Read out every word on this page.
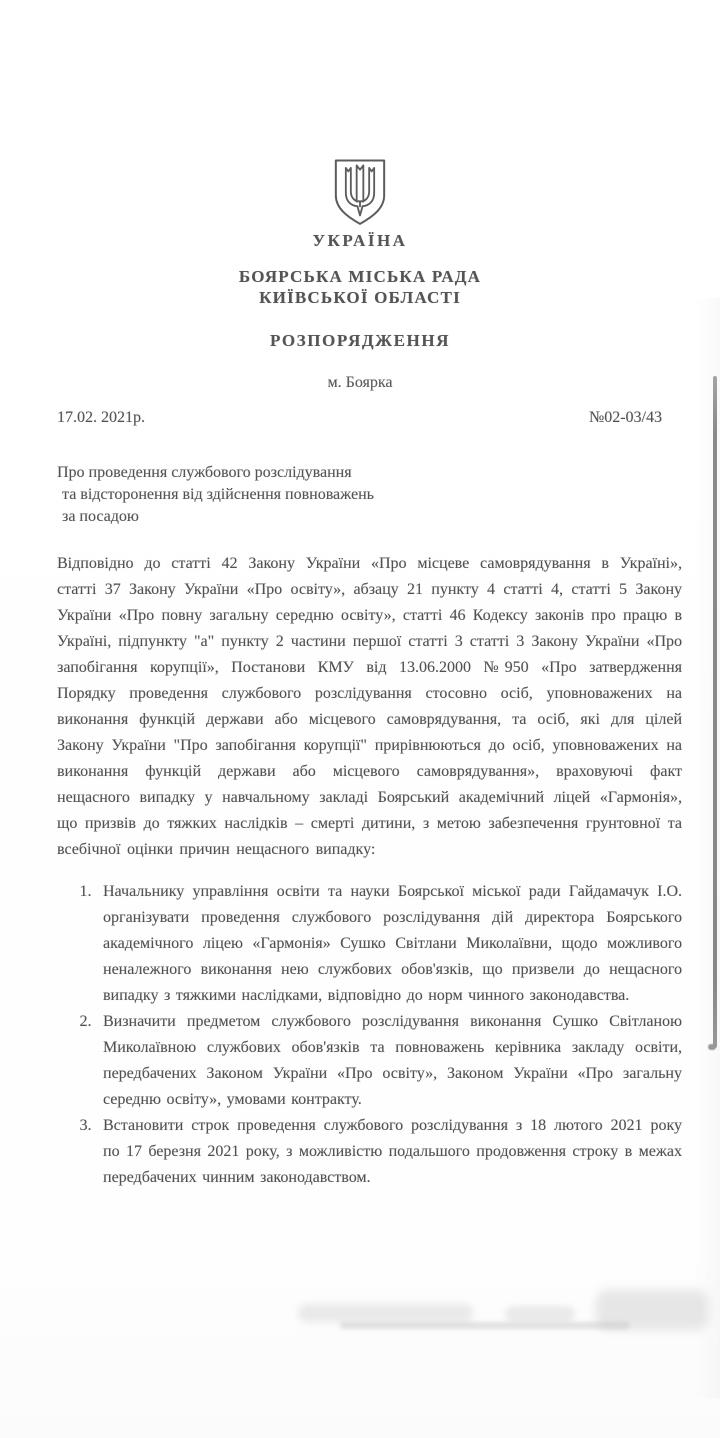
УКРАЇНА
БОЯРСЬКА МІСЬКА РАДА
КИЇВСЬКОЇ ОБЛАСТІ
РОЗПОРЯДЖЕННЯ
м. Боярка
17.02. 2021р.	№02-03/43
Про проведення службового розслідування
та відсторонення від здійснення повноважень
за посадою

Відповідно до статті 42 Закону України «Про місцеве самоврядування в Україні», статті 37 Закону України «Про освіту», абзацу 21 пункту 4 статті 4, статті 5 Закону України «Про повну загальну середню освіту», статті 46 Кодексу законів про працю в Україні, підпункту "а" пункту 2 частини першої статті 3 статті 3 Закону України «Про запобігання корупції», Постанови КМУ від 13.06.2000 №950 «Про затвердження Порядку проведення службового розслідування стосовно осіб, уповноважених на виконання функцій держави або місцевого самоврядування, та осіб, які для цілей Закону України "Про запобігання корупції" прирівнюються до осіб, уповноважених на виконання функцій держави або місцевого самоврядування», враховуючі факт нещасного випадку у навчальному закладі Боярський академічний ліцей «Гармонія», що призвів до тяжких наслідків – смерті дитини, з метою забезпечення грунтовної та всебічної оцінки причин нещасного випадку:

1. Начальнику управління освіти та науки Боярської міської ради Гайдамачук І.О. організувати проведення службового розслідування дій директора Боярського академічного ліцею «Гармонія» Сушко Світлани Миколаївни, щодо можливого неналежного виконання нею службових обов'язків, що призвели до нещасного випадку з тяжкими наслідками, відповідно до норм чинного законодавства.
2. Визначити предметом службового розслідування виконання Сушко Світланою Миколаївною службових обов'язків та повноважень керівника закладу освіти, передбачених Законом України «Про освіту», Законом України «Про загальну середню освіту», умовами контракту.
3. Встановити строк проведення службового розслідування з 18 лютого 2021 року по 17 березня 2021 року, з можливістю подальшого продовження строку в межах передбачених чинним законодавством.
